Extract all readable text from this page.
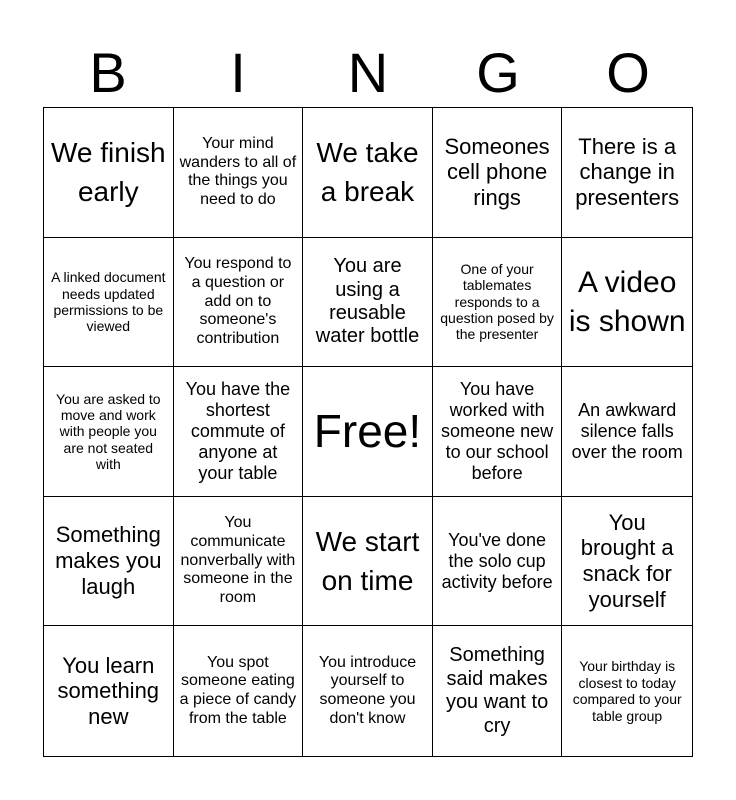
B	I	N	G	O
We finish early
Your mind wanders to all of the things you need to do
We take a break
Someones cell phone rings
There is a change in presenters
A linked document needs updated permissions to be viewed
You respond to a question or add on to someone's contribution
You are using a reusable water bottle
One of your tablemates responds to a question posed by the presenter
A video is shown
You are asked to move and work with people you are not seated with
You have the shortest commute of anyone at your table
Free!
You have worked with someone new to our school before
An awkward silence falls over the room
Something makes you laugh
You communicate nonverbally with someone in the room
We start on time
You've done the solo cup activity before
You brought a snack for yourself
You learn something new
You spot someone eating a piece of candy from the table
You introduce yourself to someone you don't know
Something said makes you want to cry
Your birthday is closest to today compared to your table group
